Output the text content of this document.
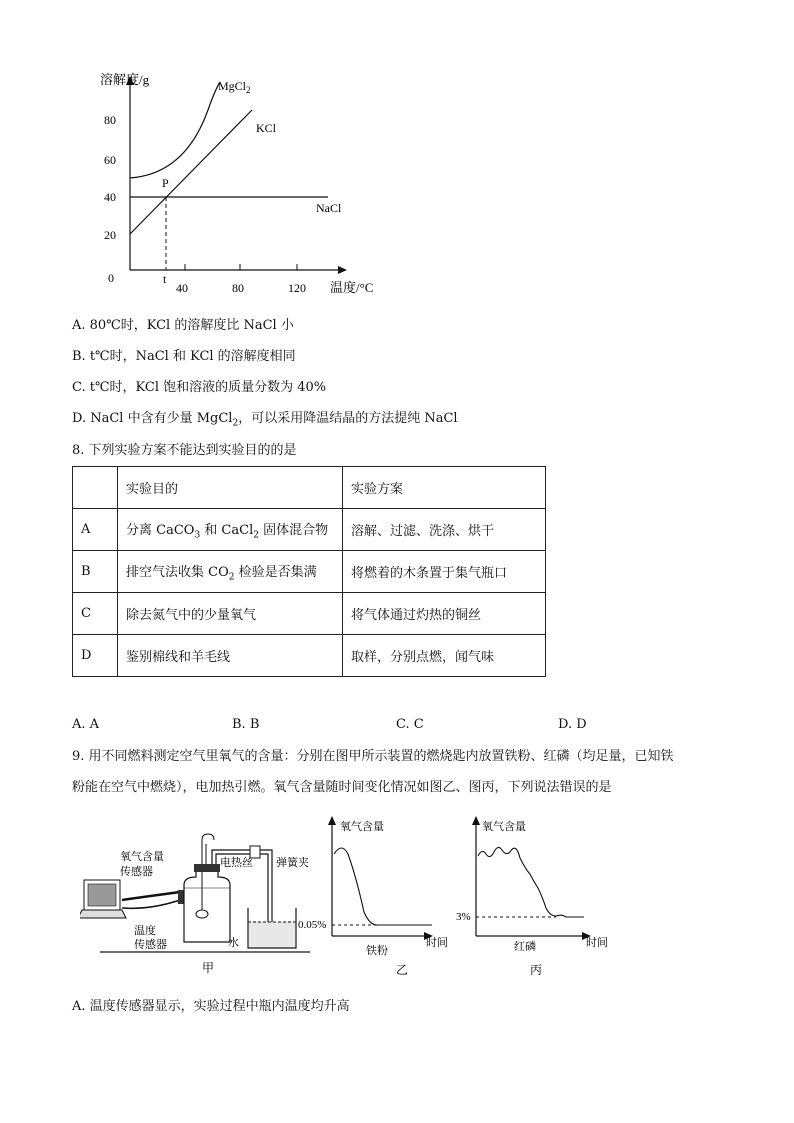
溶解度/g
80
60
40
20
0	t
40	80	120 温度/°C
P
MgCl$_2$
KCl
NaCl
A. 80℃时，KCl 的溶解度比 NaCl 小
B. t℃时，NaCl 和 KCl 的溶解度相同
C. t℃时，KCl 饱和溶液的质量分数为 40%
D. NaCl 中含有少量 MgCl$_2$，可以采用降温结晶的方法提纯 NaCl
8. 下列实验方案不能达到实验目的的是
	实验目的	实验方案
A	分离 CaCO$_3$ 和 CaCl$_2$ 固体混合物	溶解、过滤、洗涤、烘干
B	排空气法收集 $CO_2$ 检验是否集满	将燃着的木条置于集气瓶口
C	除去氮气中的少量氧气	将气体通过灼热的铜丝
D	鉴别棉线和羊毛线	取样，分别点燃，闻气味
A. A	B. B	C. C	D. D
9. 用不同燃料测定空气里氧气的含量：分别在图甲所示装置的燃烧匙内放置铁粉、红磷（均足量，已知铁
粉能在空气中燃烧），电加热引燃。氧气含量随时间变化情况如图乙、图丙，下列说法错误的是
氧气含量
传感器
电热丝 弹簧夹
温度
传感器	水
甲
氧气含量
0.05%
铁粉
时间
乙
氧气含量
3%
红磷	时间
丙
A. 温度传感器显示，实验过程中瓶内温度均升高
